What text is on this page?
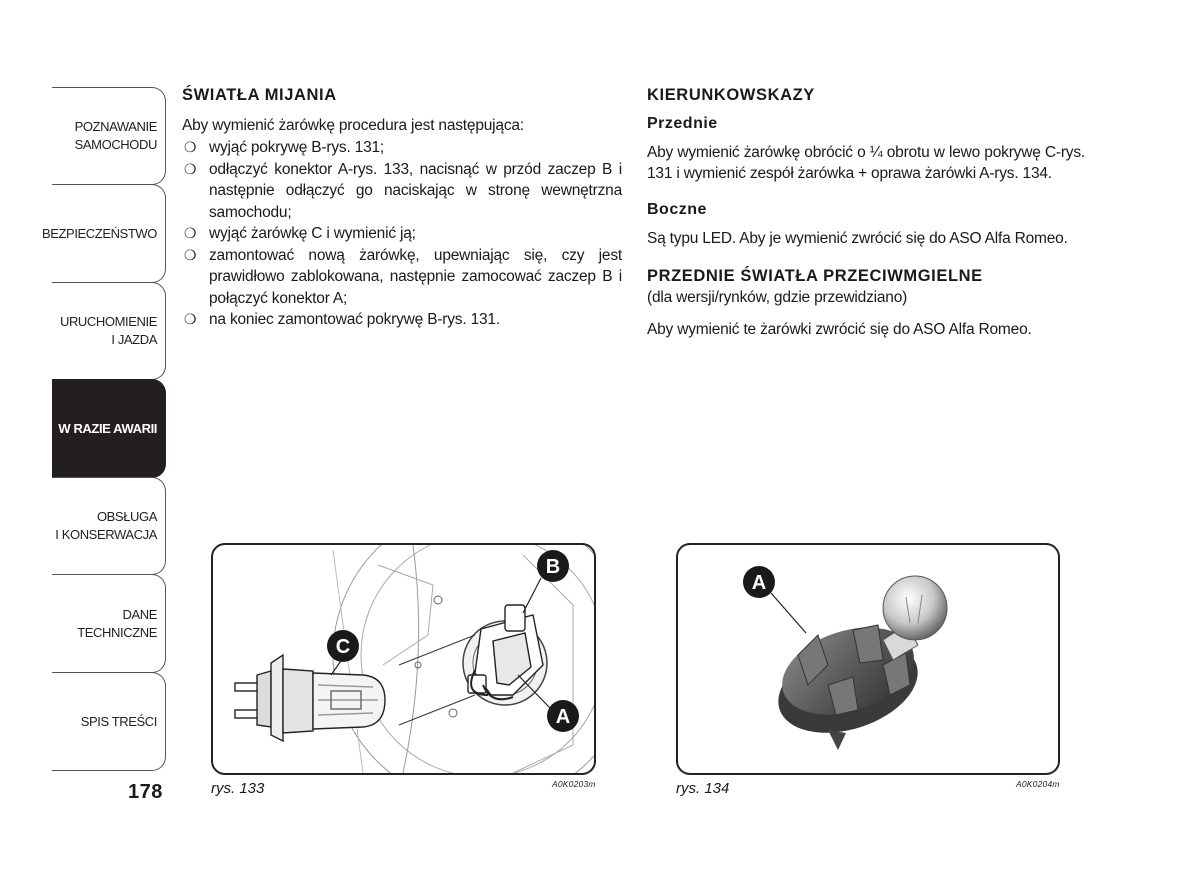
POZNAWANIE
SAMOCHODU
BEZPIECZEŃSTWO
URUCHOMIENIE
I JAZDA
W RAZIE AWARII
OBSŁUGA
I KONSERWACJA
DANE
TECHNICZNE
SPIS TREŚCI
178
ŚWIATŁA MIJANIA

Aby wymienić żarówkę procedura jest następująca:

❍ wyjąć pokrywę B-rys. 131;
❍ odłączyć konektor A-rys. 133, nacisnąć w przód zaczep B i następnie odłączyć go naciskając w stronę wewnętrzna samochodu;
❍ wyjąć żarówkę C i wymienić ją;
❍ zamontować nową żarówkę, upewniając się, czy jest prawidłowo zablokowana, następnie zamocować zaczep B i połączyć konektor A;
❍ na koniec zamontować pokrywę B-rys. 131.
KIERUNKOWSKAZY
Przednie

Aby wymienić żarówkę obrócić o ¼ obrotu w lewo pokrywę C-rys. 131 i wymienić zespół żarówka + oprawa żarówki A-rys. 134.

Boczne

Są typu LED. Aby je wymienić zwrócić się do ASO Alfa Romeo.

PRZEDNIE ŚWIATŁA PRZECIWMGIELNE

(dla wersji/rynków, gdzie przewidziano)

Aby wymienić te żarówki zwrócić się do ASO Alfa Romeo.

C
B
A
rys. 133	A0K0203m
A
rys. 134	A0K0204m
